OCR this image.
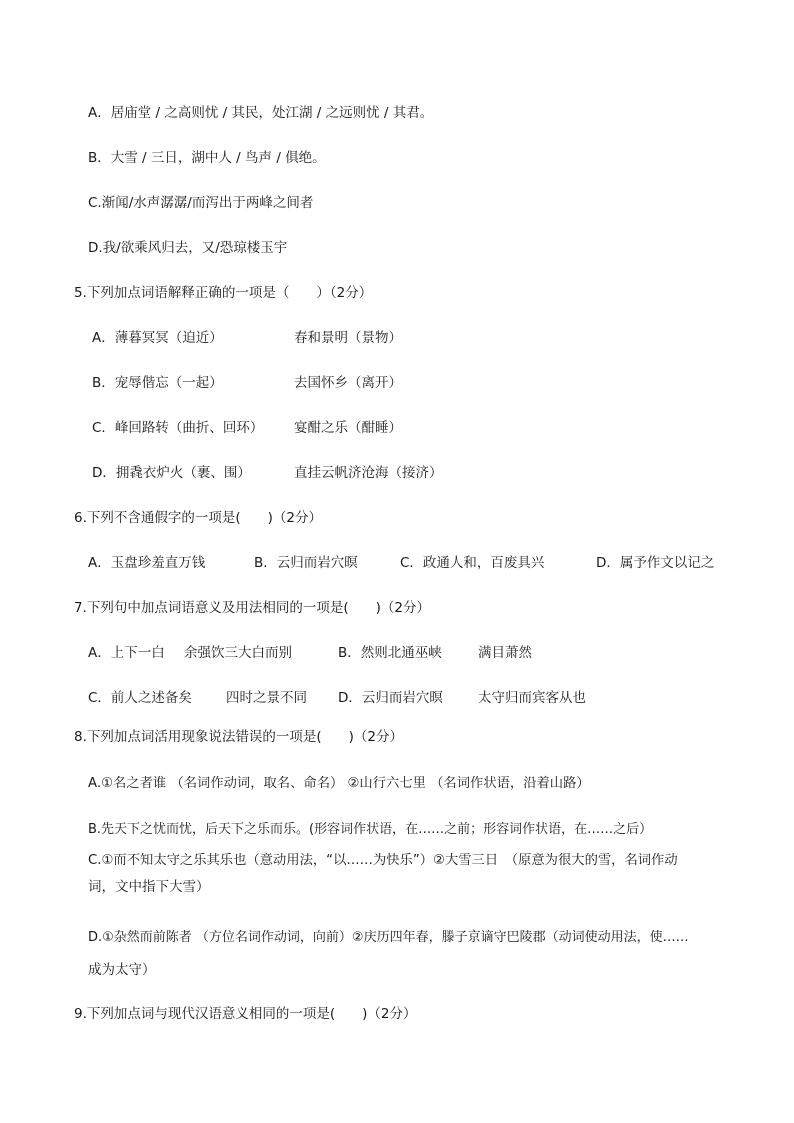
A．居庙堂 / 之高则忧 / 其民，处江湖 / 之远则忧 / 其君。
B．大雪 / 三日，湖中人 / 鸟声 / 俱绝。
C.渐闻/水声潺潺/而泻出于两峰之间者
D.我/欲乘风归去，又/恐琼楼玉宇
5.下列加点词语解释正确的一项是（　　）（2分）
A．薄暮冥冥（迫近）	春和景明（景物）
B．宠辱偕忘（一起）	去国怀乡（离开）
C．峰回路转（曲折、回环） 宴酣之乐（酣睡）
D．拥毳衣炉火（裹、围）	直挂云帆济沧海（接济）
6.下列不含通假字的一项是(　　)（2分）
A．玉盘珍羞直万钱	B．云归而岩穴暝	C．政通人和，百废具兴	D．属予作文以记之
7.下列句中加点词语意义及用法相同的一项是(　　)（2分）
A．上下一白 余强饮三大白而别	B．然则北通巫峡	满目萧然
C．前人之述备矣	四时之景不同 D．云归而岩穴暝	太守归而宾客从也
8.下列加点词活用现象说法错误的一项是(　　)（2分）
A.①名之者谁 （名词作动词，取名、命名） ②山行六七里 （名词作状语，沿着山路）
B.先天下之忧而忧，后天下之乐而乐。(形容词作状语，在……之前；形容词作状语，在……之后）
C.①而不知太守之乐其乐也（意动用法，“以……为快乐”）②大雪三日　（原意为很大的雪，名词作动
词，文中指下大雪）
D.①杂然而前陈者 （方位名词作动词，向前）②庆历四年春，滕子京谪守巴陵郡（动词使动用法，使……
成为太守）
9.下列加点词与现代汉语意义相同的一项是(　　)（2分）
